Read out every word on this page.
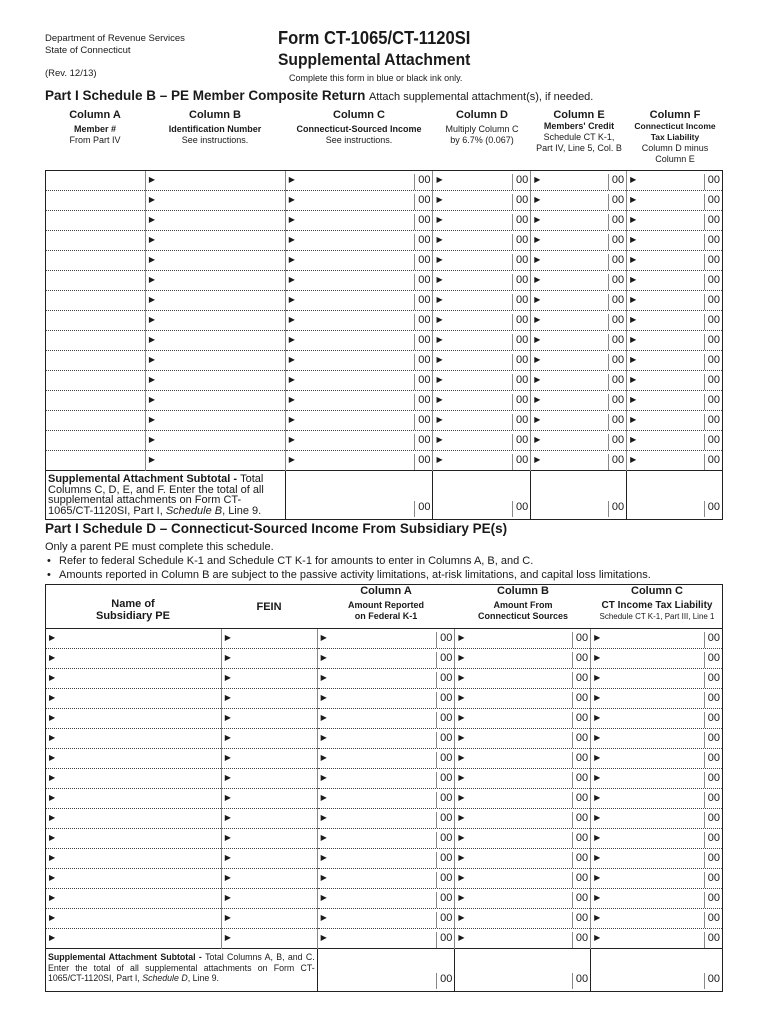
Department of Revenue Services
State of Connecticut
(Rev. 12/13)
Form CT-1065/CT-1120SI
Supplemental Attachment
Complete this form in blue or black ink only.
Part I Schedule B – PE Member Composite Return Attach supplemental attachment(s), if needed.
Column A
Member #
From Part IV
Column B
Identification Number
See instructions.
Column C
Connecticut-Sourced Income
See instructions.
Column D
Multiply Column C
by 6.7% (0.067)
Column E
Members' Credit
Schedule CT K-1,
Part IV, Line 5, Col. B
Column F
Connecticut Income
Tax Liability
Column D minus
Column E

	▶	▶ 00	▶ 00	▶ 00	▶ 00

	▶	▶ 00	▶ 00	▶ 00	▶ 00

	▶	▶ 00	▶ 00	▶ 00	▶ 00

	▶	▶ 00	▶ 00	▶ 00	▶ 00

	▶	▶ 00	▶ 00	▶ 00	▶ 00

	▶	▶ 00	▶ 00	▶ 00	▶ 00

	▶	▶ 00	▶ 00	▶ 00	▶ 00

	▶	▶ 00	▶ 00	▶ 00	▶ 00

	▶	▶ 00	▶ 00	▶ 00	▶ 00

	▶	▶ 00	▶ 00	▶ 00	▶ 00

	▶	▶ 00	▶ 00	▶ 00	▶ 00

	▶	▶ 00	▶ 00	▶ 00	▶ 00

	▶	▶ 00	▶ 00	▶ 00	▶ 00

	▶	▶ 00	▶ 00	▶ 00	▶ 00

	▶	▶ 00	▶ 00	▶ 00	▶ 00

Supplemental Attachment Subtotal - Total Columns C, D, E, and F. Enter the total of all supplemental attachments on Form CT-1065/CT-1120SI, Part I, Schedule B, Line 9.		00	00	00	00
Part I Schedule D – Connecticut-Sourced Income From Subsidiary PE(s)
Only a parent PE must complete this schedule.
• Refer to federal Schedule K-1 and Schedule CT K-1 for amounts to enter in Columns A, B, and C.
• Amounts reported in Column B are subject to the passive activity limitations, at-risk limitations, and capital loss limitations.
Name of
Subsidiary PE
FEIN
Column A
Amount Reported
on Federal K-1
Column B
Amount From
Connecticut Sources
Column C
CT Income Tax Liability
Schedule CT K-1, Part III, Line 1
▶	▶	▶ 00	▶ 00	▶ 00

▶	▶	▶ 00	▶ 00	▶ 00

▶	▶	▶ 00	▶ 00	▶ 00

▶	▶	▶ 00	▶ 00	▶ 00

▶	▶	▶ 00	▶ 00	▶ 00

▶	▶	▶ 00	▶ 00	▶ 00

▶	▶	▶ 00	▶ 00	▶ 00

▶	▶	▶ 00	▶ 00	▶ 00

▶	▶	▶ 00	▶ 00	▶ 00

▶	▶	▶ 00	▶ 00	▶ 00

▶	▶	▶ 00	▶ 00	▶ 00

▶	▶	▶ 00	▶ 00	▶ 00

▶	▶	▶ 00	▶ 00	▶ 00

▶	▶	▶ 00	▶ 00	▶ 00

▶	▶	▶ 00	▶ 00	▶ 00

▶	▶	▶ 00	▶ 00	▶ 00

Supplemental Attachment Subtotal - Total Columns A, B, and C. Enter the total of all supplemental attachments on Form CT-1065/CT-1120SI, Part I, Schedule D, Line 9.		00	00	00
